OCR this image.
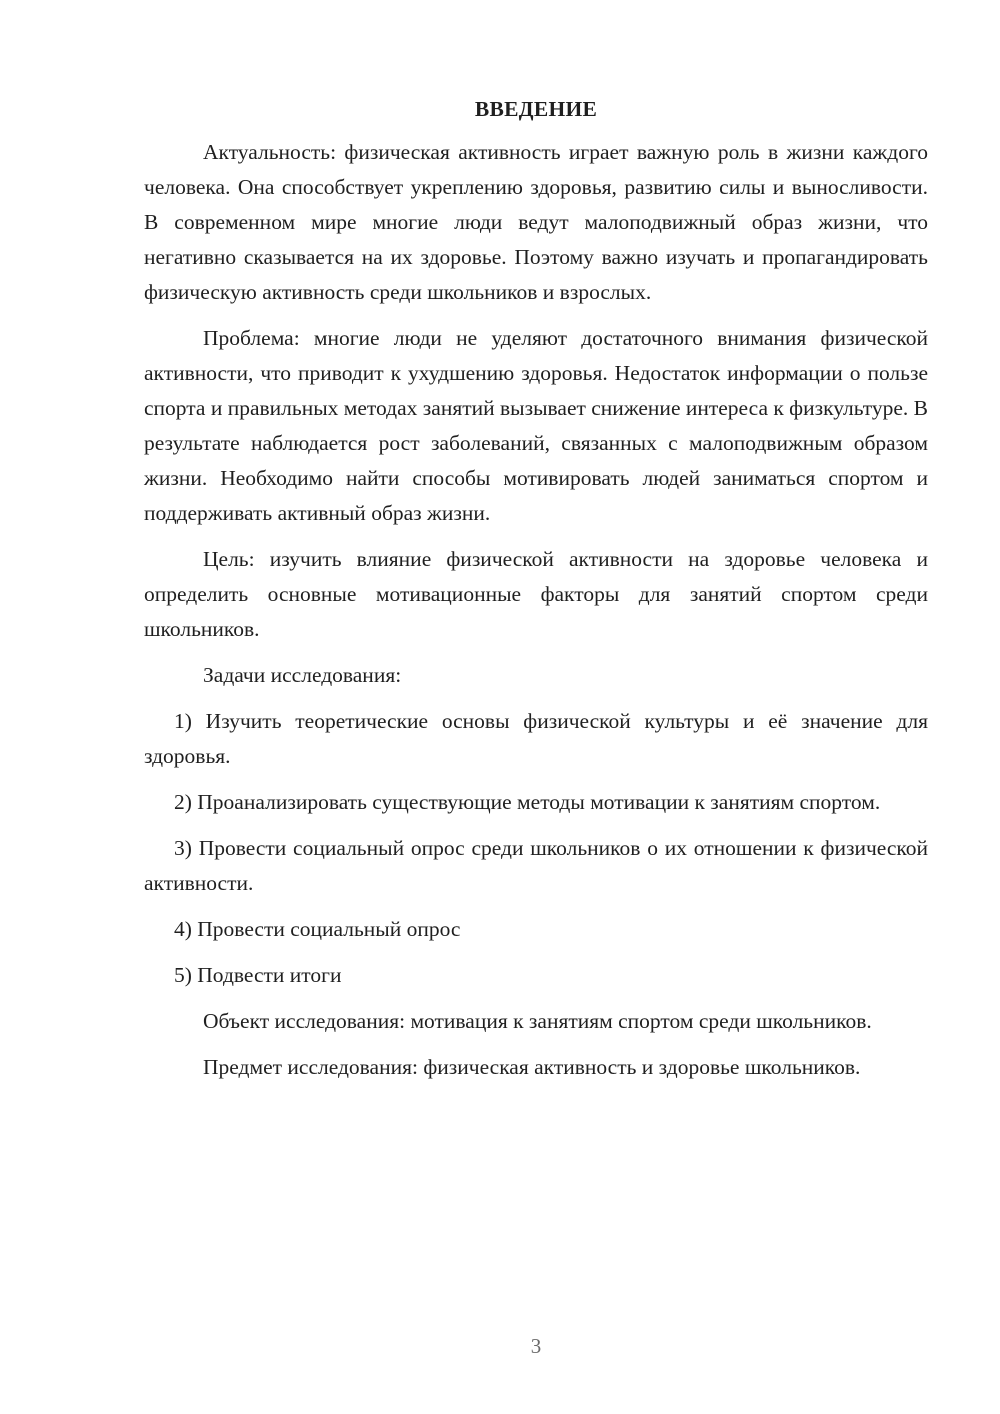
ВВЕДЕНИЕ

Актуальность: физическая активность играет важную роль в жизни каждого человека. Она способствует укреплению здоровья, развитию силы и выносливости. В современном мире многие люди ведут малоподвижный образ жизни, что негативно сказывается на их здоровье. Поэтому важно изучать и пропагандировать физическую активность среди школьников и взрослых.

Проблема: многие люди не уделяют достаточного внимания физической активности, что приводит к ухудшению здоровья. Недостаток информации о пользе спорта и правильных методах занятий вызывает снижение интереса к физкультуре. В результате наблюдается рост заболеваний, связанных с малоподвижным образом жизни. Необходимо найти способы мотивировать людей заниматься спортом и поддерживать активный образ жизни.

Цель: изучить влияние физической активности на здоровье человека и определить основные мотивационные факторы для занятий спортом среди школьников.

Задачи исследования:

1) Изучить теоретические основы физической культуры и её значение для здоровья.

2) Проанализировать существующие методы мотивации к занятиям спортом.

3) Провести социальный опрос среди школьников о их отношении к физической активности.

4) Провести социальный опрос

5) Подвести итоги

Объект исследования: мотивация к занятиям спортом среди школьников.

Предмет исследования: физическая активность и здоровье школьников.

3
